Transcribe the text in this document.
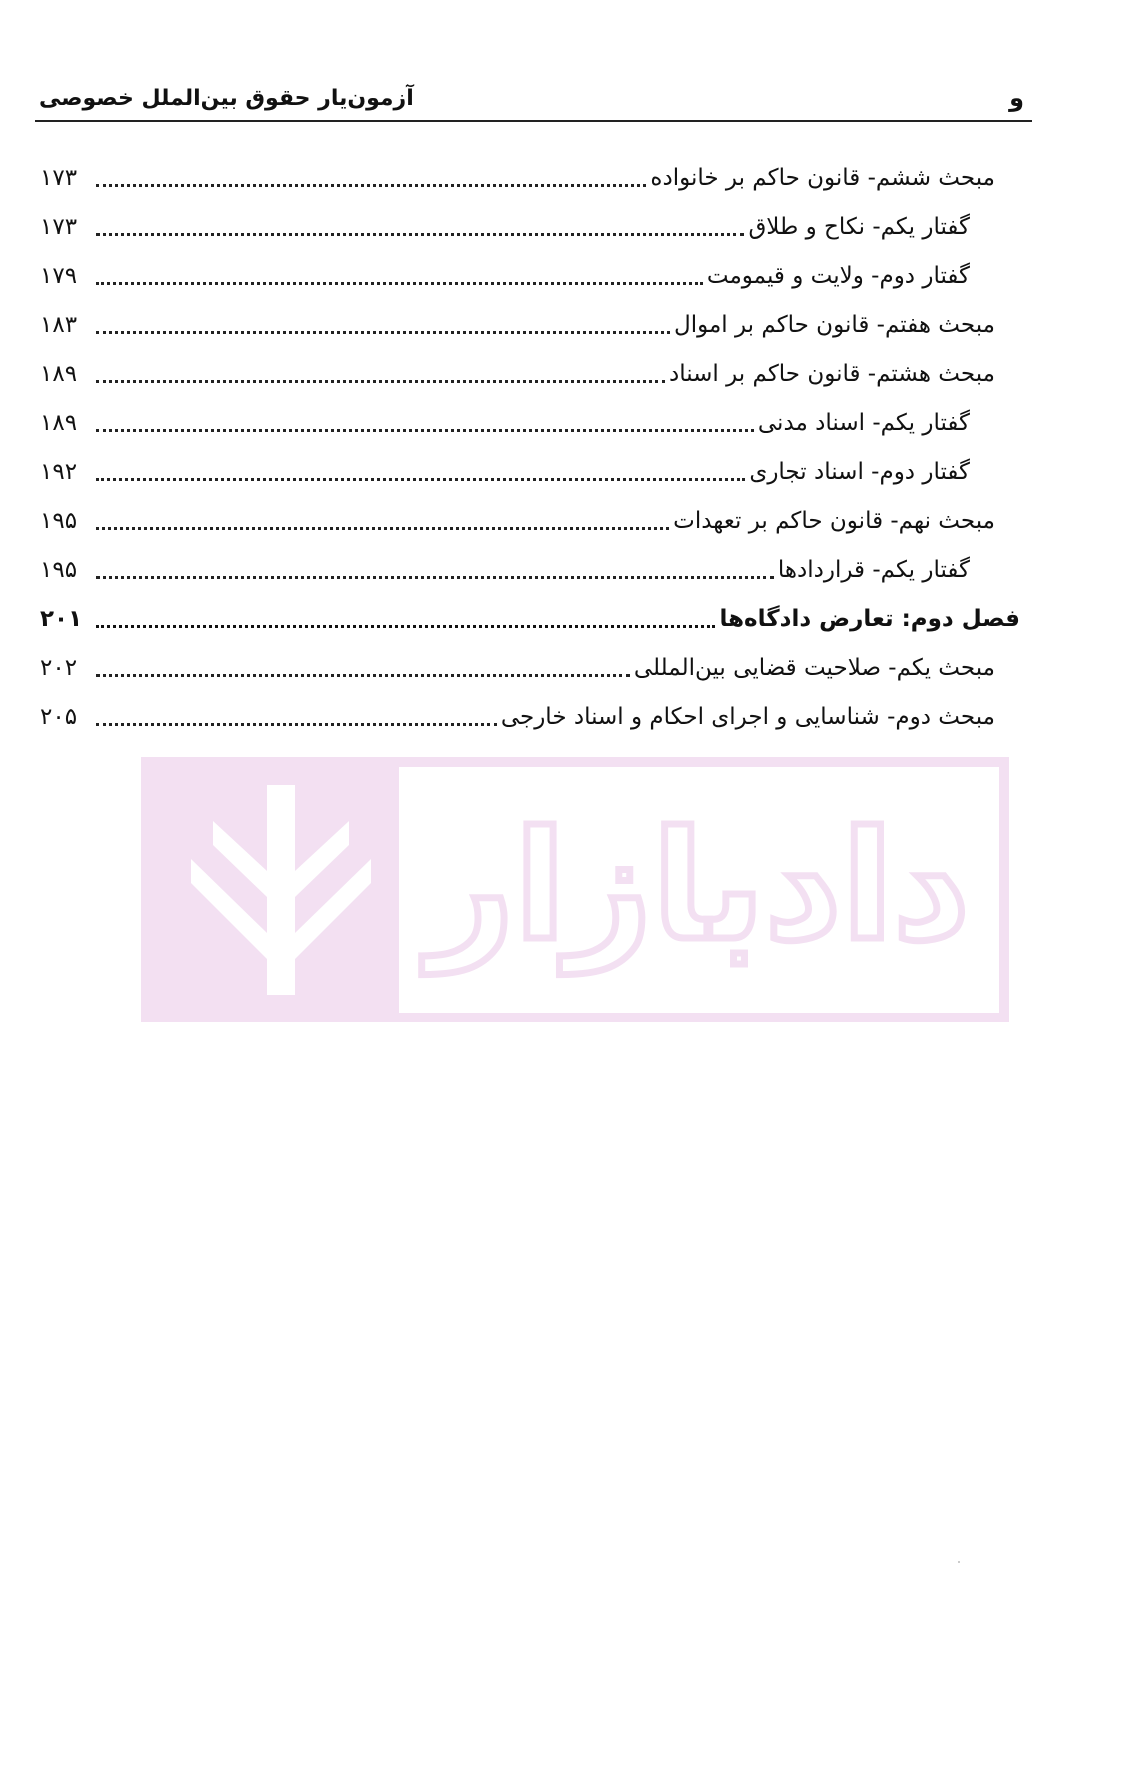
آزمون‌یار حقوق بین‌الملل خصوصی	و
مبحث ششم- قانون حاکم بر خانواده
۱۷۳
گفتار یکم- نکاح و طلاق
۱۷۳
گفتار دوم- ولایت و قیمومت
۱۷۹
مبحث هفتم- قانون حاکم بر اموال
۱۸۳
مبحث هشتم- قانون حاکم بر اسناد
۱۸۹
گفتار یکم- اسناد مدنی
۱۸۹
گفتار دوم- اسناد تجاری
۱۹۲
مبحث نهم- قانون حاکم بر تعهدات
۱۹۵
گفتار یکم- قراردادها
۱۹۵
فصل دوم: تعارض دادگاه‌ها
۲۰۱
مبحث یکم- صلاحیت قضایی بین‌المللی
۲۰۲
مبحث دوم- شناسایی و اجرای احکام و اسناد خارجی
۲۰۵
دادبازار
